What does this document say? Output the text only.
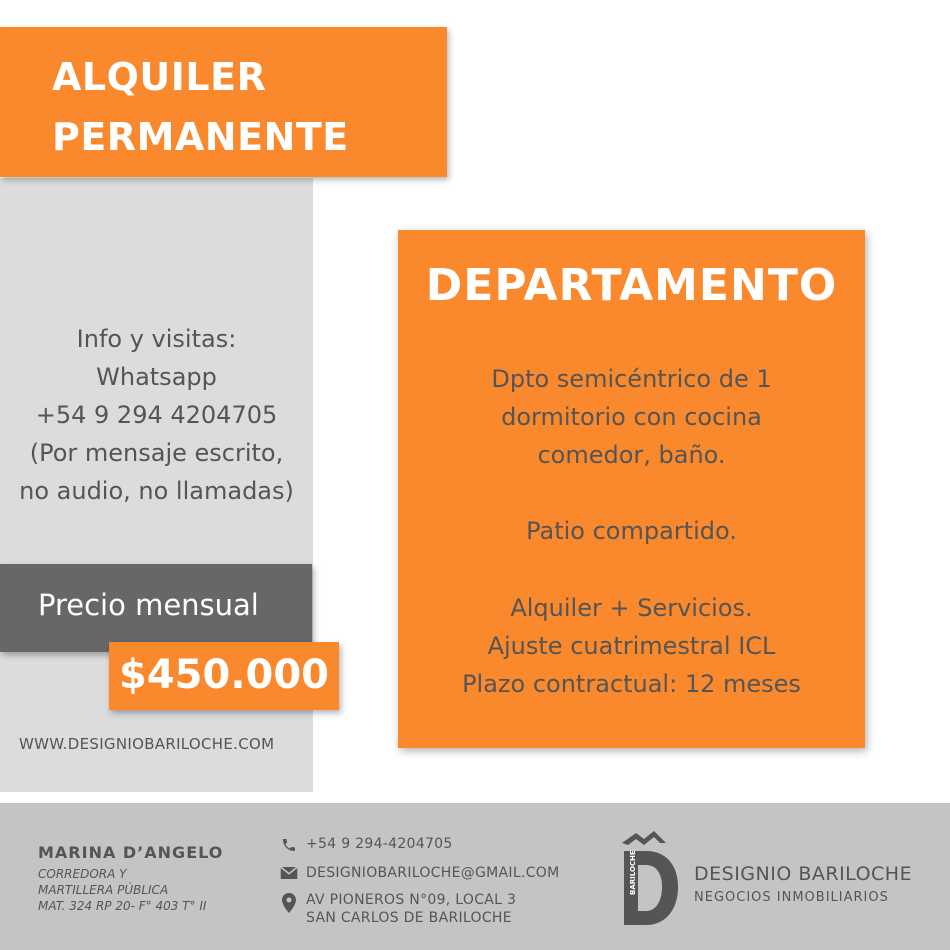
ALQUILER
PERMANENTE
Info y visitas:
Whatsapp
+54 9 294 4204705
(Por mensaje escrito,
no audio, no llamadas)
Precio mensual
$450.000
WWW.DESIGNIOBARILOCHE.COM
DEPARTAMENTO
Dpto semicéntrico de 1
dormitorio con cocina
comedor, baño.
Patio compartido.
Alquiler + Servicios.
Ajuste cuatrimestral ICL
Plazo contractual: 12 meses
MARINA D’ANGELO
CORREDORA Y
MARTILLERA PÚBLICA
MAT. 324 RP 20- F° 403 T° II
+54 9 294-4204705
DESIGNIOBARILOCHE@GMAIL.COM
AV PIONEROS N°09, LOCAL 3
SAN CARLOS DE BARILOCHE
BARILOCHE	DESIGNIO BARILOCHE
NEGOCIOS INMOBILIARIOS
